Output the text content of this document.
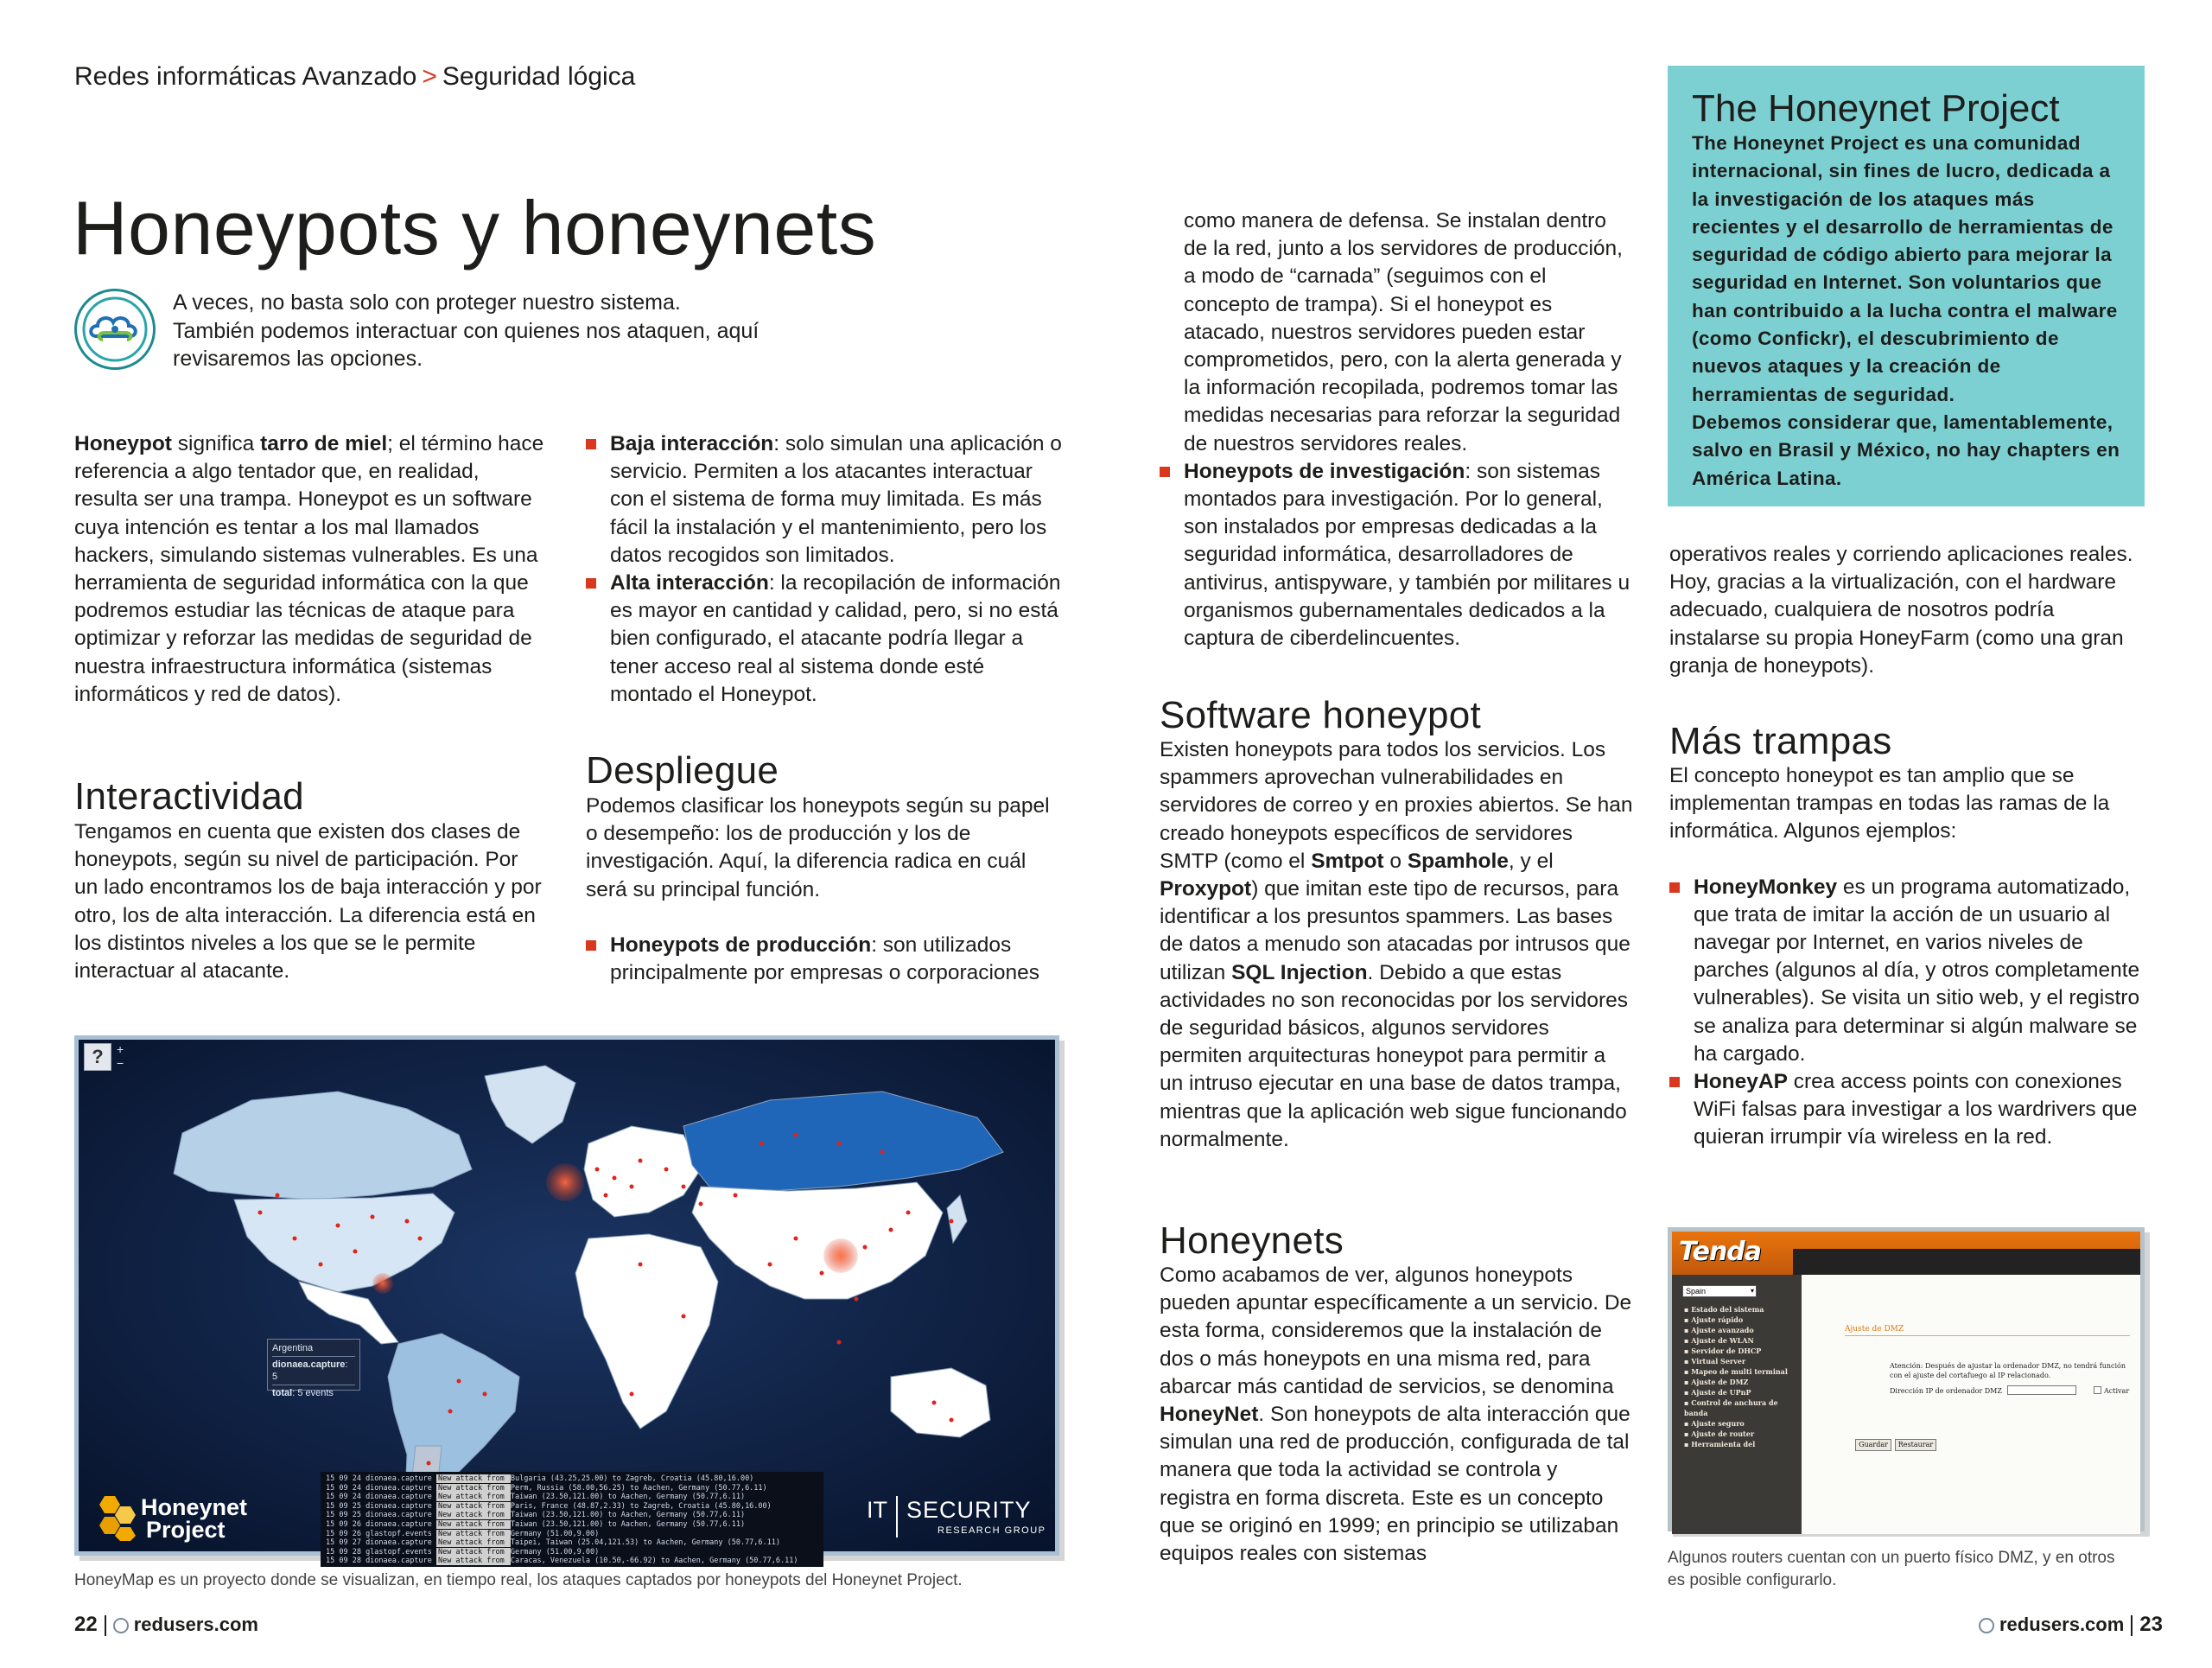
Redes informáticas Avanzado > Seguridad lógica
Honeypots y honeynets

A veces, no basta solo con proteger nuestro sistema. También podemos interactuar con quienes nos ataquen, aquí revisaremos las opciones.

Honeypot significa tarro de miel; el término hace referencia a algo tentador que, en realidad, resulta ser una trampa. Honeypot es un software cuya intención es tentar a los mal llamados hackers, simulando sistemas vulnerables. Es una herramienta de seguridad informática con la que podremos estudiar las técnicas de ataque para optimizar y reforzar las medidas de seguridad de nuestra infraestructura informática (sistemas informáticos y red de datos).

Interactividad

Tengamos en cuenta que existen dos clases de honeypots, según su nivel de participación. Por un lado encontramos los de baja interacción y por otro, los de alta interacción. La diferencia está en los distintos niveles a los que se le permite interactuar al atacante.

Baja interacción: solo simulan una aplicación o servicio. Permiten a los atacantes interactuar con el sistema de forma muy limitada. Es más fácil la instalación y el mantenimiento, pero los datos recogidos son limitados.

Alta interacción: la recopilación de información es mayor en cantidad y calidad, pero, si no está bien configurado, el atacante podría llegar a tener acceso real al sistema donde esté montado el Honeypot.

Despliegue

Podemos clasificar los honeypots según su papel o desempeño: los de producción y los de investigación. Aquí, la diferencia radica en cuál será su principal función.

Honeypots de producción: son utilizados principalmente por empresas o corporaciones

como manera de defensa. Se instalan dentro de la red, junto a los servidores de producción, a modo de “carnada” (seguimos con el concepto de trampa). Si el honeypot es atacado, nuestros servidores pueden estar comprometidos, pero, con la alerta generada y la información recopilada, podremos tomar las medidas necesarias para reforzar la seguridad de nuestros servidores reales.

Honeypots de investigación: son sistemas montados para investigación. Por lo general, son instalados por empresas dedicadas a la seguridad informática, desarrolladores de antivirus, antispyware, y también por militares u organismos gubernamentales dedicados a la captura de ciberdelincuentes.

Software honeypot

Existen honeypots para todos los servicios. Los spammers aprovechan vulnerabilidades en servidores de correo y en proxies abiertos. Se han creado honeypots específicos de servidores SMTP (como el Smtpot o Spamhole, y el Proxypot) que imitan este tipo de recursos, para identificar a los presuntos spammers. Las bases de datos a menudo son atacadas por intrusos que utilizan SQL Injection. Debido a que estas actividades no son reconocidas por los servidores de seguridad básicos, algunos servidores permiten arquitecturas honeypot para permitir a un intruso ejecutar en una base de datos trampa, mientras que la aplicación web sigue funcionando normalmente.

Honeynets

Como acabamos de ver, algunos honeypots pueden apuntar específicamente a un servicio. De esta forma, consideremos que la instalación de dos o más honeypots en una misma red, para abarcar más cantidad de servicios, se denomina HoneyNet. Son honeypots de alta interacción que simulan una red de producción, configurada de tal manera que toda la actividad se controla y registra en forma discreta. Este es un concepto que se originó en 1999; en principio se utilizaban equipos reales con sistemas

The Honeynet Project

The Honeynet Project es una comunidad internacional, sin fines de lucro, dedicada a la investigación de los ataques más recientes y el desarrollo de herramientas de seguridad de código abierto para mejorar la seguridad en Internet. Son voluntarios que han contribuido a la lucha contra el malware (como Confickr), el descubrimiento de nuevos ataques y la creación de herramientas de seguridad.

Debemos considerar que, lamentablemente, salvo en Brasil y México, no hay chapters en América Latina.

operativos reales y corriendo aplicaciones reales. Hoy, gracias a la virtualización, con el hardware adecuado, cualquiera de nosotros podría instalarse su propia HoneyFarm (como una gran granja de honeypots).

Más trampas

El concepto honeypot es tan amplio que se implementan trampas en todas las ramas de la informática. Algunos ejemplos:

HoneyMonkey es un programa automatizado, que trata de imitar la acción de un usuario al navegar por Internet, en varios niveles de parches (algunos al día, y otros completamente vulnerables). Se visita un sitio web, y el registro se analiza para determinar si algún malware se ha cargado.

HoneyAP crea access points con conexiones WiFi falsas para investigar a los wardrivers que quieran irrumpir vía wireless en la red.

?	+
−
Argentina
dionaea.capture: 5
total: 5 events
15 09 24 dionaea.capture New attack from Bulgaria (43.25,25.00) to Zagreb, Croatia (45.80,16.00)
15 09 24 dionaea.capture New attack from Perm, Russia (58.00,56.25) to Aachen, Germany (50.77,6.11)
15 09 24 dionaea.capture New attack from Taiwan (23.50,121.00) to Aachen, Germany (50.77,6.11)
15 09 25 dionaea.capture New attack from Paris, France (48.87,2.33) to Zagreb, Croatia (45.80,16.00)
15 09 25 dionaea.capture New attack from Taiwan (23.50,121.00) to Aachen, Germany (50.77,6.11)
15 09 26 dionaea.capture New attack from Taiwan (23.50,121.00) to Aachen, Germany (50.77,6.11)
15 09 26 glastopf.events New attack from Germany (51.00,9.00)
15 09 27 dionaea.capture New attack from Taipei, Taiwan (25.04,121.53) to Aachen, Germany (50.77,6.11)
15 09 28 glastopf.events New attack from Germany (51.00,9.00)
15 09 28 dionaea.capture New attack from Caracas, Venezuela (10.50,-66.92) to Aachen, Germany (50.77,6.11)
Honeynet
Project
IT SECURITY
RESEARCH GROUP

HoneyMap es un proyecto donde se visualizan, en tiempo real, los ataques captados por honeypots del Honeynet Project.

Tenda
Spain	▾
▪ Estado del sistema
▪ Ajuste rápido
▪ Ajuste avanzado
▪ Ajuste de WLAN
▪ Servidor de DHCP
▪ Virtual Server
▪ Mapeo de multi terminal
▪ Ajuste de DMZ
▪ Ajuste de UPnP
▪ Control de anchura de banda
▪ Ajuste seguro
▪ Ajuste de router
▪ Herramienta del
Ajuste de DMZ
Atención: Después de ajustar la ordenador DMZ, no tendrá función con el ajuste del cortafuego al IP relacionado.
Dirección IP de ordenador DMZ	Activar
Guardar	Restaurar

Algunos routers cuentan con un puerto físico DMZ, y en otros es posible configurarlo.

22 redusers.com	redusers.com 23
